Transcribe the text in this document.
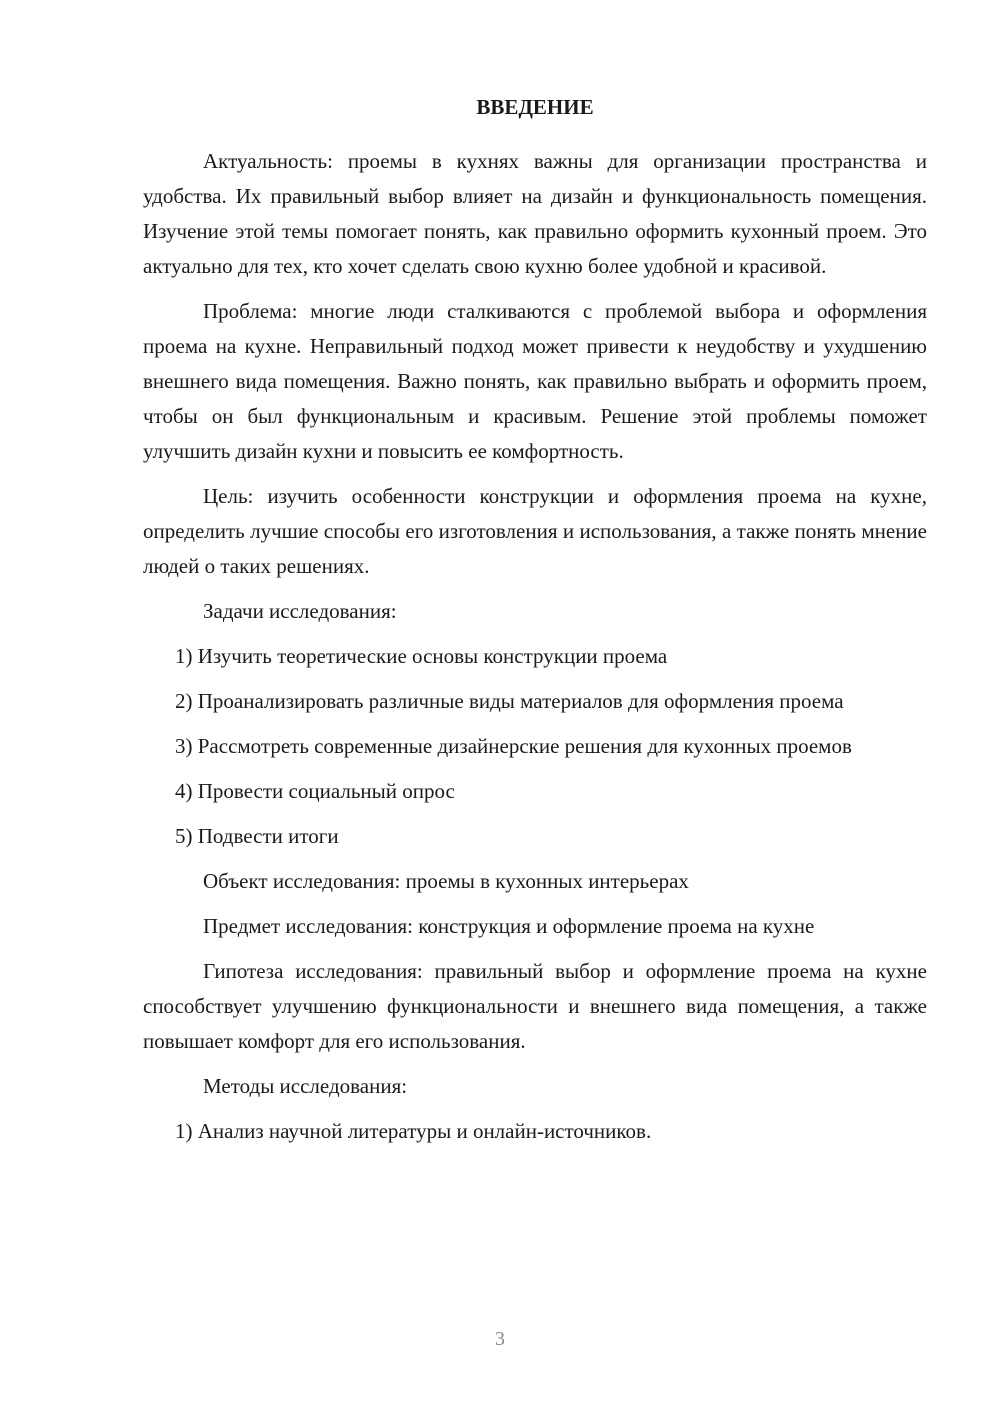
ВВЕДЕНИЕ

Актуальность: проемы в кухнях важны для организации пространства и удобства. Их правильный выбор влияет на дизайн и функциональность помещения. Изучение этой темы помогает понять, как правильно оформить кухонный проем. Это актуально для тех, кто хочет сделать свою кухню более удобной и красивой.

Проблема: многие люди сталкиваются с проблемой выбора и оформления проема на кухне. Неправильный подход может привести к неудобству и ухудшению внешнего вида помещения. Важно понять, как правильно выбрать и оформить проем, чтобы он был функциональным и красивым. Решение этой проблемы поможет улучшить дизайн кухни и повысить ее комфортность.

Цель: изучить особенности конструкции и оформления проема на кухне, определить лучшие способы его изготовления и использования, а также понять мнение людей о таких решениях.

Задачи исследования:

1) Изучить теоретические основы конструкции проема

2) Проанализировать различные виды материалов для оформления проема

3) Рассмотреть современные дизайнерские решения для кухонных проемов

4) Провести социальный опрос

5) Подвести итоги

Объект исследования: проемы в кухонных интерьерах

Предмет исследования: конструкция и оформление проема на кухне

Гипотеза исследования: правильный выбор и оформление проема на кухне способствует улучшению функциональности и внешнего вида помещения, а также повышает комфорт для его использования.

Методы исследования:

1) Анализ научной литературы и онлайн-источников.

3
